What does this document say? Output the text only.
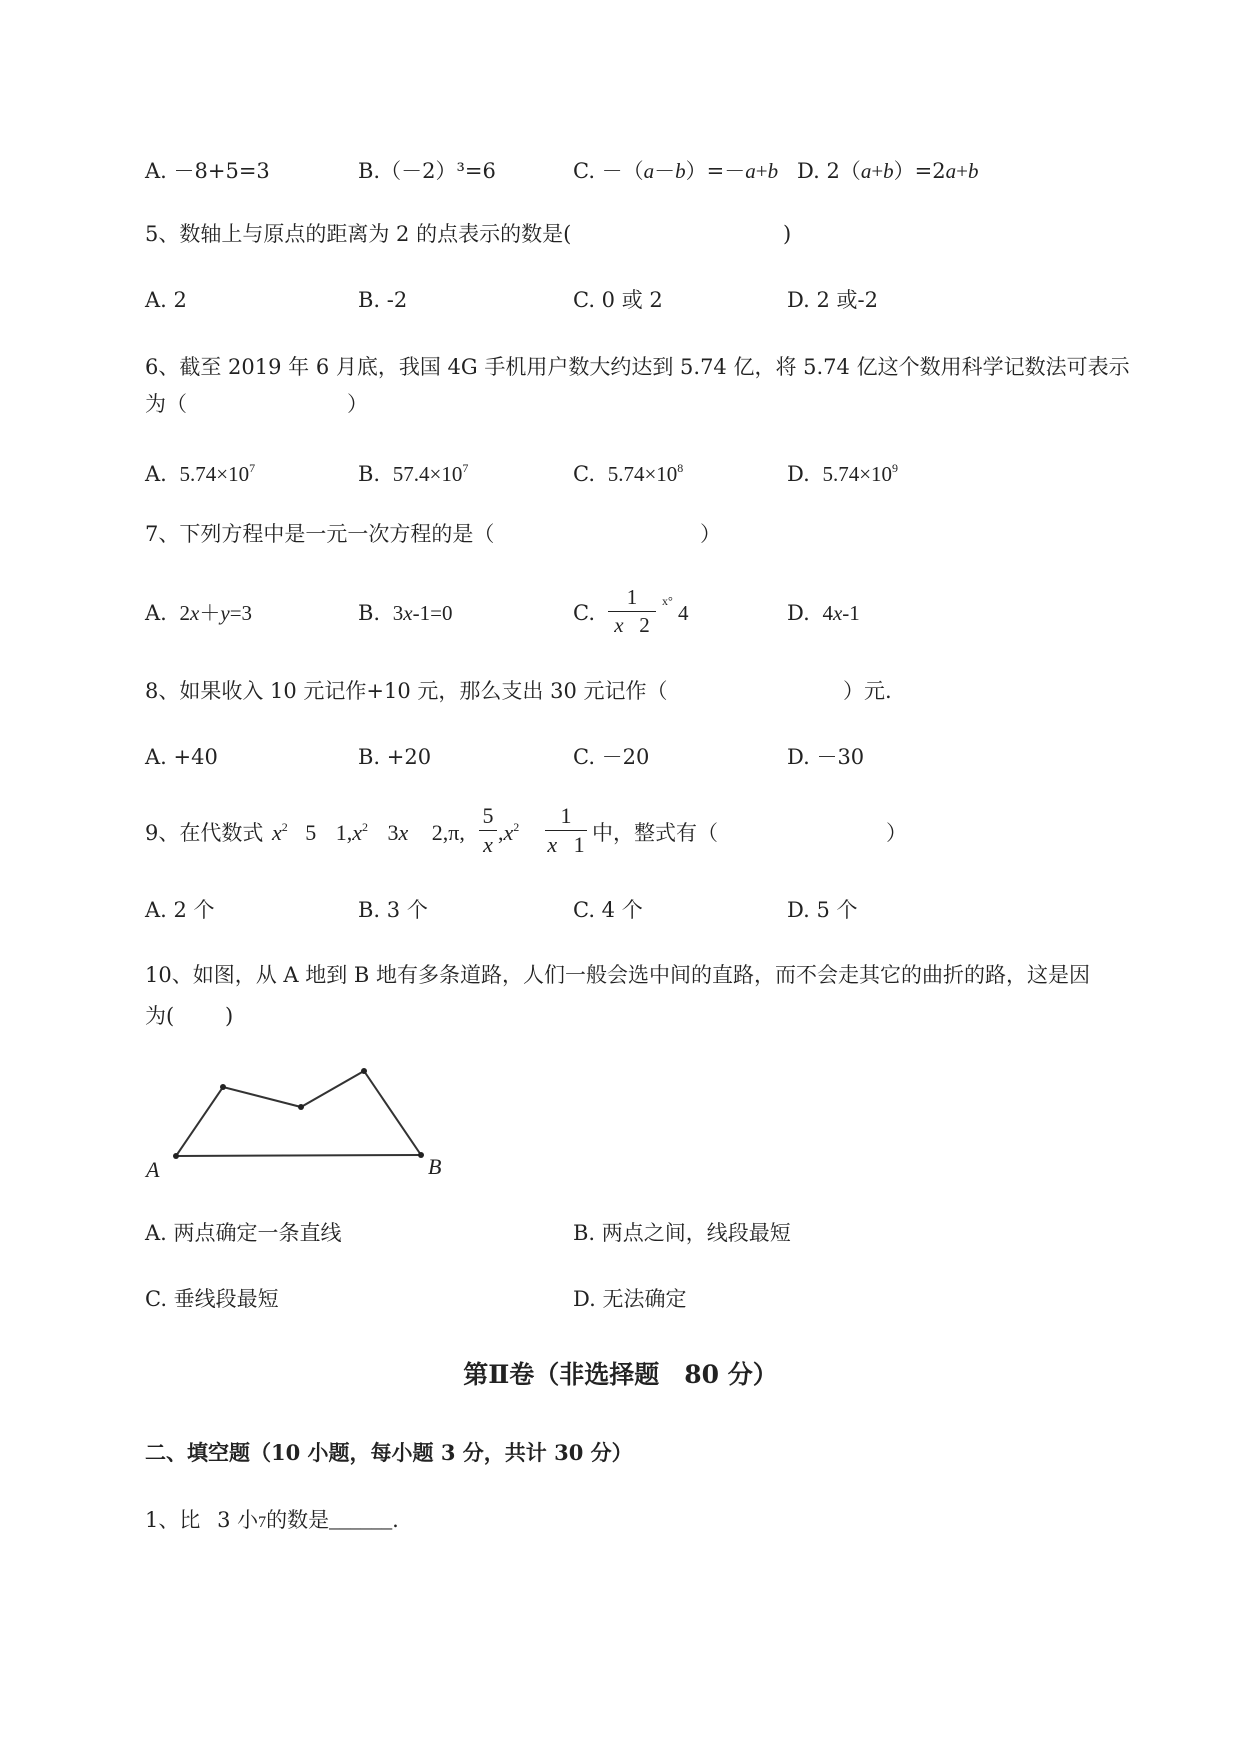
A. －8+5=3	B.（－2）³=6	C. －（a－b）=－a+b D. 2（a+b）=2a+b
5、数轴上与原点的距离为 2 的点表示的数是(	)
A. 2	B. -2	C. 0 或 2	D. 2 或-2
6、截至 2019 年 6 月底，我国 4G 手机用户数大约达到 5.74 亿，将 5.74 亿这个数用科学记数法可表示
为（	）
A. $5.74\times 10^7$	B. $57.4\times 10^7$	C. $5.74\times 10^8$	D. $5.74\times 10^9$
7、下列方程中是一元一次方程的是（	）
A. 2x＋y=3	B. 3x-1=0	C.
1
x 2
x° 4	D. 4x-1
8、如果收入 10 元记作+10 元，那么支出 30 元记作（	）元.
A. +40	B. +20	C. －20	D. －30
9、在代数式 $x^2$ 5 $1,x^2$ 3x 2,π,
5
x $,x^2$	1
x 1 中，整式有（	）
A. 2 个	B. 3 个	C. 4 个	D. 5 个
10、如图，从 A 地到 B 地有多条道路，人们一般会选中间的直路，而不会走其它的曲折的路，这是因
为( )
A	B
A. 两点确定一条直线	B. 两点之间，线段最短
C. 垂线段最短	D. 无法确定
第Ⅱ卷（非选择题　80 分）
二、填空题（10 小题，每小题 3 分，共计 30 分）
1、比 3 小7的数是______.
